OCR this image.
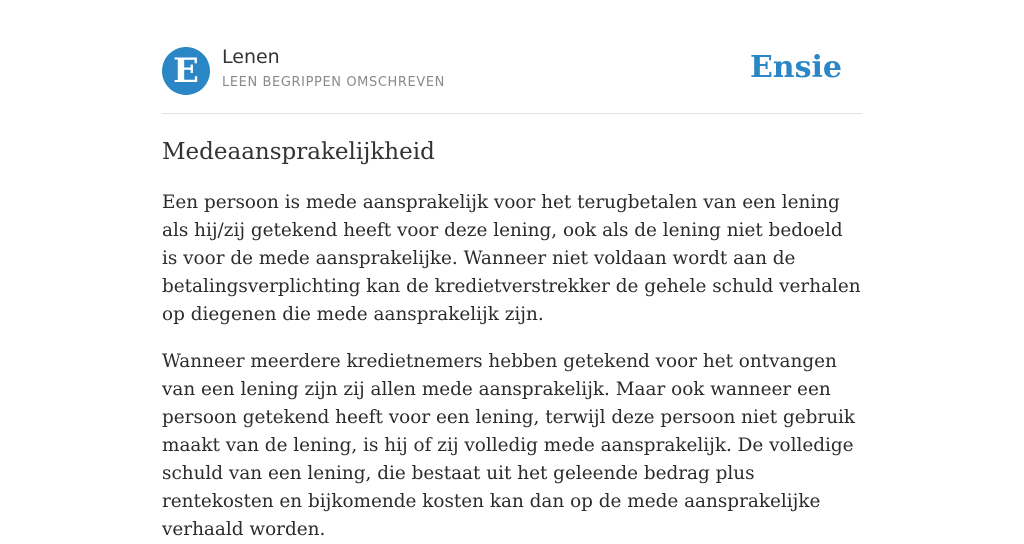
E	Lenen
LEEN BEGRIPPEN OMSCHREVEN	Ensie
Medeaansprakelijkheid

Een persoon is mede aansprakelijk voor het terugbetalen van een lening als hij/zij getekend heeft voor deze lening, ook als de lening niet bedoeld is voor de mede aansprakelijke. Wanneer niet voldaan wordt aan de betalingsverplichting kan de kredietverstrekker de gehele schuld verhalen op diegenen die mede aansprakelijk zijn.

Wanneer meerdere kredietnemers hebben getekend voor het ontvangen van een lening zijn zij allen mede aansprakelijk. Maar ook wanneer een persoon getekend heeft voor een lening, terwijl deze persoon niet gebruik maakt van de lening, is hij of zij volledig mede aansprakelijk. De volledige schuld van een lening, die bestaat uit het geleende bedrag plus rentekosten en bijkomende kosten kan dan op de mede aansprakelijke verhaald worden.
